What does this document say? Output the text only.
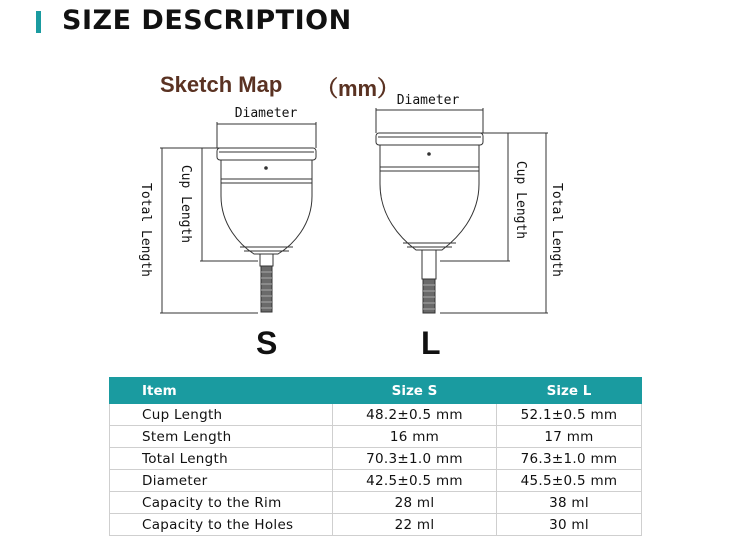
SIZE DESCRIPTION
Sketch Map （mm）
Diameter
Diameter
Cup Length
Total Length	Cup Length Total Length
S	L
Item	Size S	Size L
Cup Length	48.2±0.5 mm	52.1±0.5 mm
Stem Length	16 mm	17 mm
Total Length	70.3±1.0 mm	76.3±1.0 mm
Diameter	42.5±0.5 mm	45.5±0.5 mm
Capacity to the Rim	28 ml	38 ml
Capacity to the Holes	22 ml	30 ml
